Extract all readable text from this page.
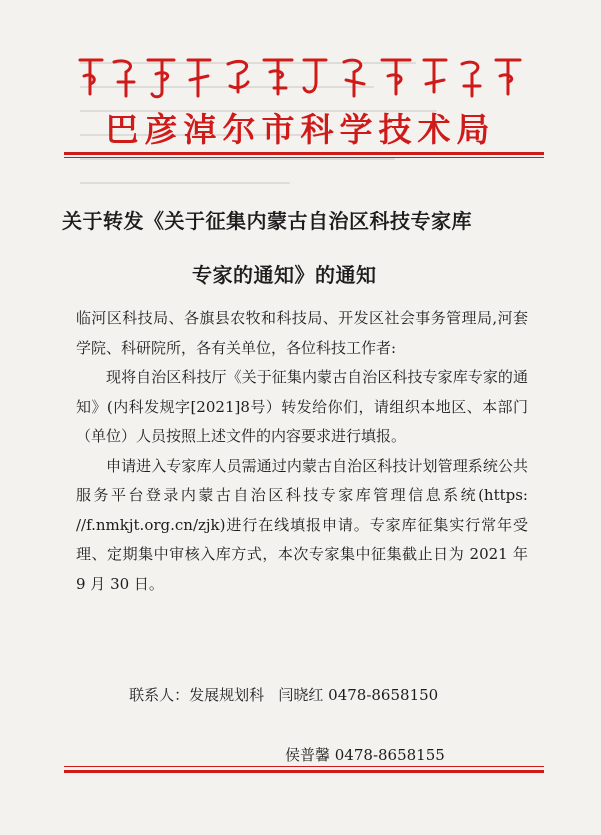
ᠪᠠᠶᠠᠨᠨᠠᠭᠤᠷ ᠬᠣᠲᠠ ᠶᠢᠨ ᠱᠢᠨᠵᠢᠯᠡᠬᠦ ᠤᠬᠠᠭᠠᠨ ᠲᠧᠬᠨᠢᠭ ᠦᠨ ᠲᠣᠪᠴᠢᠶ᠎ᠠ
巴彦淖尔市科学技术局
关于转发《关于征集内蒙古自治区科技专家库
专家的通知》的通知

临河区科技局、各旗县农牧和科技局、开发区社会事务管理局,河套学院、科研院所，各有关单位，各位科技工作者:

现将自治区科技厅《关于征集内蒙古自治区科技专家库专家的通知》(内科发规字[2021]8号）转发给你们，请组织本地区、本部门（单位）人员按照上述文件的内容要求进行填报。

申请进入专家库人员需通过内蒙古自治区科技计划管理系统公共服务平台登录内蒙古自治区科技专家库管理信息系统(https: //f.nmkjt.org.cn/zjk)进行在线填报申请。专家库征集实行常年受理、定期集中审核入库方式，本次专家集中征集截止日为 2021 年 9 月 30 日。

联系人：发展规划科   闫晓红 0478-8658150

侯普馨 0478-8658155
